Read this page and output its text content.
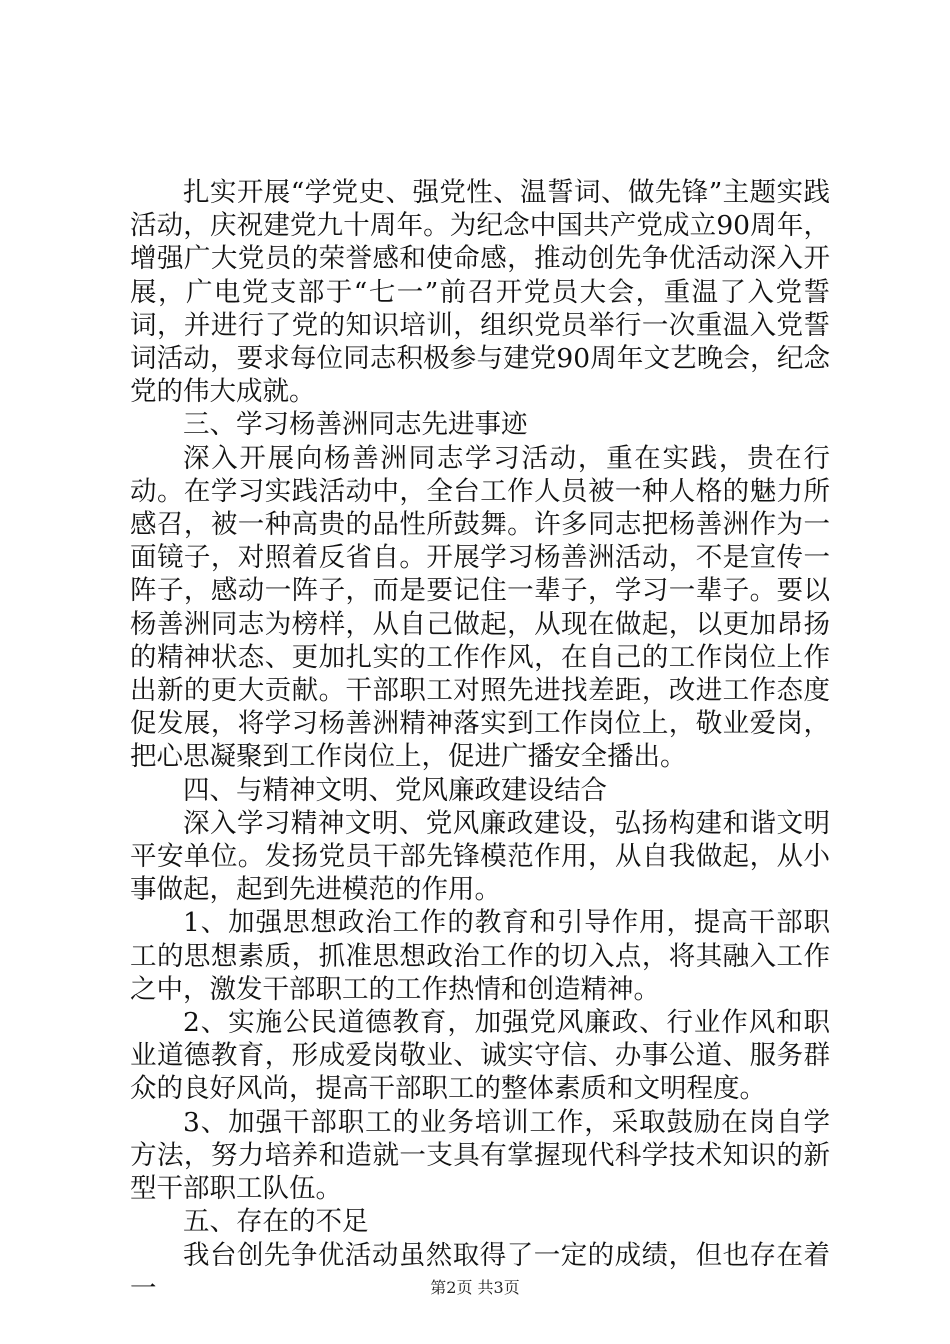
扎实开展“学党史、强党性、温誓词、做先锋”主题实践活动，庆祝建党九十周年。为纪念中国共产党成立90周年，增强广大党员的荣誉感和使命感，推动创先争优活动深入开展，广电党支部于“七一”前召开党员大会，重温了入党誓词，并进行了党的知识培训，组织党员举行一次重温入党誓词活动，要求每位同志积极参与建党90周年文艺晚会，纪念党的伟大成就。

三、学习杨善洲同志先进事迹

深入开展向杨善洲同志学习活动，重在实践，贵在行动。在学习实践活动中，全台工作人员被一种人格的魅力所感召，被一种高贵的品性所鼓舞。许多同志把杨善洲作为一面镜子，对照着反省自。开展学习杨善洲活动，不是宣传一阵子，感动一阵子，而是要记住一辈子，学习一辈子。要以杨善洲同志为榜样，从自己做起，从现在做起，以更加昂扬的精神状态、更加扎实的工作作风，在自己的工作岗位上作出新的更大贡献。干部职工对照先进找差距，改进工作态度促发展，将学习杨善洲精神落实到工作岗位上，敬业爱岗，把心思凝聚到工作岗位上，促进广播安全播出。

四、与精神文明、党风廉政建设结合

深入学习精神文明、党风廉政建设，弘扬构建和谐文明平安单位。发扬党员干部先锋模范作用，从自我做起，从小事做起，起到先进模范的作用。

1、加强思想政治工作的教育和引导作用，提高干部职工的思想素质，抓准思想政治工作的切入点，将其融入工作之中，激发干部职工的工作热情和创造精神。

2、实施公民道德教育，加强党风廉政、行业作风和职业道德教育，形成爱岗敬业、诚实守信、办事公道、服务群众的良好风尚，提高干部职工的整体素质和文明程度。

3、加强干部职工的业务培训工作，采取鼓励在岗自学方法，努力培养和造就一支具有掌握现代科学技术知识的新型干部职工队伍。

五、存在的不足

我台创先争优活动虽然取得了一定的成绩，但也存在着一	第2页 共3页
